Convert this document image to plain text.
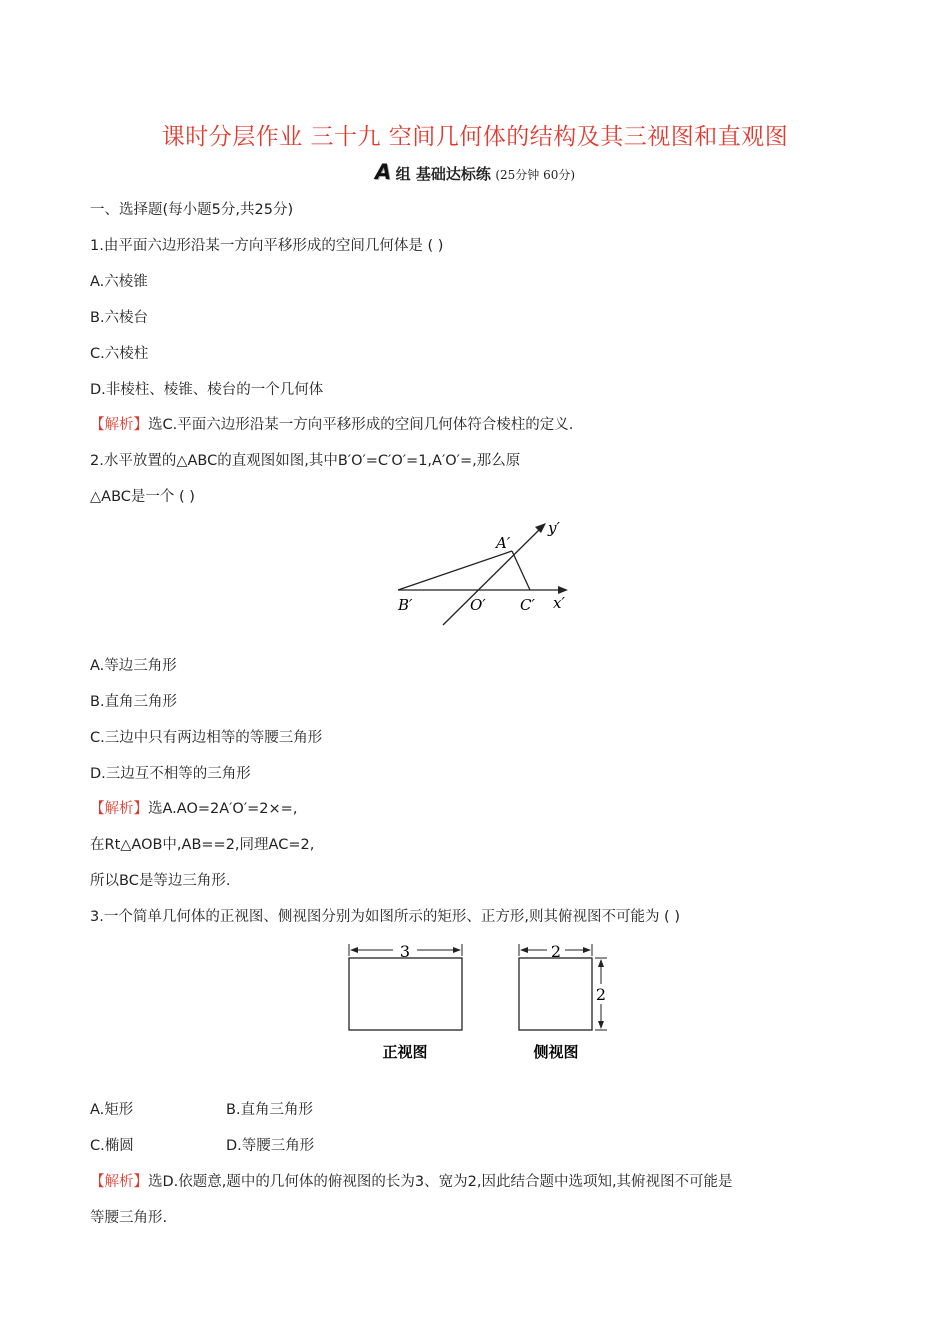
课时分层作业 三十九 空间几何体的结构及其三视图和直观图
A 组 基础达标练 (25分钟 60分)
一、选择题(每小题5分,共25分)
1.由平面六边形沿某一方向平移形成的空间几何体是 ( )
A.六棱锥
B.六棱台
C.六棱柱
D.非棱柱、棱锥、棱台的一个几何体
【解析】选C.平面六边形沿某一方向平移形成的空间几何体符合棱柱的定义.
2.水平放置的△ABC的直观图如图,其中B′O′=C′O′=1,A′O′=,那么原
△ABC是一个 ( )
A′
B′	O′ C′ x′
y′
A.等边三角形
B.直角三角形
C.三边中只有两边相等的等腰三角形
D.三边互不相等的三角形
【解析】选A.AO=2A′O′=2×=,
在Rt△AOB中,AB==2,同理AC=2,
所以BC是等边三角形.
3.一个简单几何体的正视图、侧视图分别为如图所示的矩形、正方形,则其俯视图不可能为 ( )
3
正视图
2
2
侧视图
A.矩形	B.直角三角形
C.椭圆	D.等腰三角形
【解析】选D.依题意,题中的几何体的俯视图的长为3、宽为2,因此结合题中选项知,其俯视图不可能是
等腰三角形.
